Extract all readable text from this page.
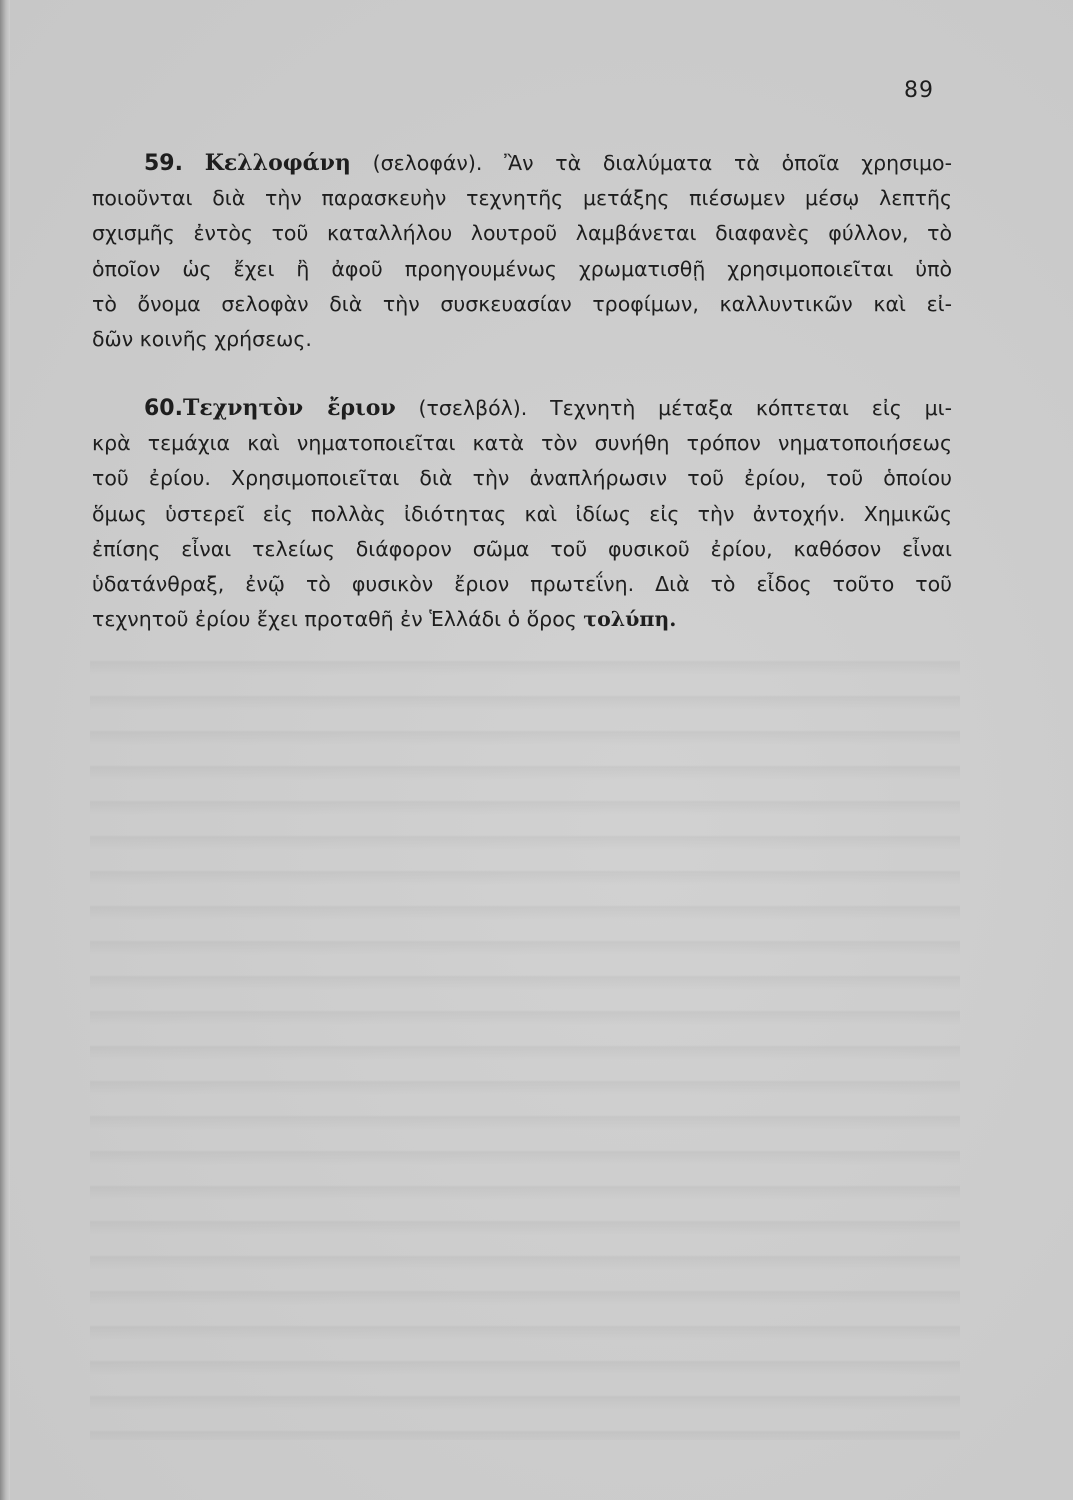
89
59. Κελλοφάνη (σελοφάν). Ἂν τὰ διαλύματα τὰ ὁποῖα χρησιμο-
ποιοῦνται διὰ τὴν παρασκευὴν τεχνητῆς μετάξης πιέσωμεν μέσῳ λεπτῆς
σχισμῆς ἐντὸς τοῦ καταλλήλου λουτροῦ λαμβάνεται διαφανὲς φύλλον, τὸ
ὁποῖον ὡς ἔχει ἢ ἀφοῦ προηγουμένως χρωματισθῇ χρησιμοποιεῖται ὑπὸ
τὸ ὄνομα σελοφὰν διὰ τὴν συσκευασίαν τροφίμων, καλλυντικῶν καὶ εἰ-
δῶν κοινῆς χρήσεως.
60.Τεχνητὸν ἔριον (τσελβόλ). Τεχνητὴ μέταξα κόπτεται εἰς μι-
κρὰ τεμάχια καὶ νηματοποιεῖται κατὰ τὸν συνήθη τρόπον νηματοποιήσεως
τοῦ ἐρίου. Χρησιμοποιεῖται διὰ τὴν ἀναπλήρωσιν τοῦ ἐρίου, τοῦ ὁποίου
ὅμως ὑστερεῖ εἰς πολλὰς ἰδιότητας καὶ ἰδίως εἰς τὴν ἀντοχήν. Χημικῶς
ἐπίσης εἶναι τελείως διάφορον σῶμα τοῦ φυσικοῦ ἐρίου, καθόσον εἶναι
ὑδατάνθραξ, ἐνῷ τὸ φυσικὸν ἔριον πρωτεΐνη. Διὰ τὸ εἶδος τοῦτο τοῦ
τεχνητοῦ ἐρίου ἔχει προταθῆ ἐν Ἑλλάδι ὁ ὅρος τολύπη.
